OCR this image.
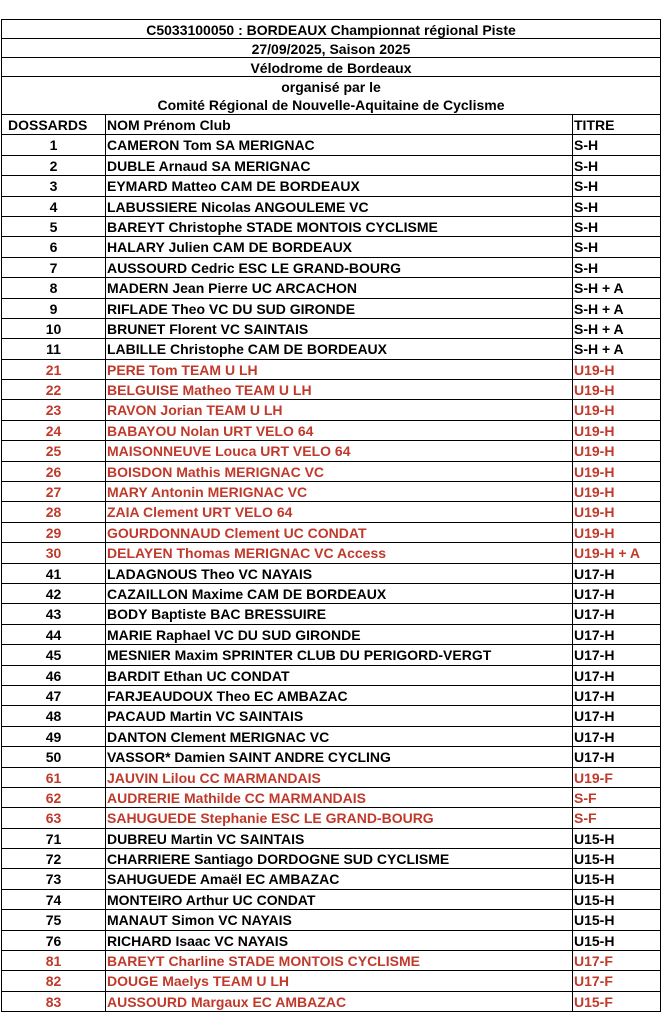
C5033100050 : BORDEAUX Championnat régional Piste
27/09/2025, Saison 2025
Vélodrome de Bordeaux
organisé par le
Comité Régional de Nouvelle-Aquitaine de Cyclisme
DOSSARDS NOM Prénom Club	TITRE
1	CAMERON Tom SA MERIGNAC	S-H
2	DUBLE Arnaud SA MERIGNAC	S-H
3	EYMARD Matteo CAM DE BORDEAUX	S-H
4	LABUSSIERE Nicolas ANGOULEME VC	S-H
5	BAREYT Christophe STADE MONTOIS CYCLISME	S-H
6	HALARY Julien CAM DE BORDEAUX	S-H
7	AUSSOURD Cedric ESC LE GRAND-BOURG	S-H
8	MADERN Jean Pierre UC ARCACHON	S-H + A
9	RIFLADE Theo VC DU SUD GIRONDE	S-H + A
10	BRUNET Florent VC SAINTAIS	S-H + A
11	LABILLE Christophe CAM DE BORDEAUX	S-H + A
21	PERE Tom TEAM U LH	U19-H
22	BELGUISE Matheo TEAM U LH	U19-H
23	RAVON Jorian TEAM U LH	U19-H
24	BABAYOU Nolan URT VELO 64	U19-H
25	MAISONNEUVE Louca URT VELO 64	U19-H
26	BOISDON Mathis MERIGNAC VC	U19-H
27	MARY Antonin MERIGNAC VC	U19-H
28	ZAIA Clement URT VELO 64	U19-H
29	GOURDONNAUD Clement UC CONDAT	U19-H
30	DELAYEN Thomas MERIGNAC VC Access	U19-H + A
41	LADAGNOUS Theo VC NAYAIS	U17-H
42	CAZAILLON Maxime CAM DE BORDEAUX	U17-H
43	BODY Baptiste BAC BRESSUIRE	U17-H
44	MARIE Raphael VC DU SUD GIRONDE	U17-H
45	MESNIER Maxim SPRINTER CLUB DU PERIGORD-VERGT	U17-H
46	BARDIT Ethan UC CONDAT	U17-H
47	FARJEAUDOUX Theo EC AMBAZAC	U17-H
48	PACAUD Martin VC SAINTAIS	U17-H
49	DANTON Clement MERIGNAC VC	U17-H
50	VASSOR* Damien SAINT ANDRE CYCLING	U17-H
61	JAUVIN Lilou CC MARMANDAIS	U19-F
62	AUDRERIE Mathilde CC MARMANDAIS	S-F
63	SAHUGUEDE Stephanie ESC LE GRAND-BOURG	S-F
71	DUBREU Martin VC SAINTAIS	U15-H
72	CHARRIERE Santiago DORDOGNE SUD CYCLISME	U15-H
73	SAHUGUEDE Amaël EC AMBAZAC	U15-H
74	MONTEIRO Arthur UC CONDAT	U15-H
75	MANAUT Simon VC NAYAIS	U15-H
76	RICHARD Isaac VC NAYAIS	U15-H
81	BAREYT Charline STADE MONTOIS CYCLISME	U17-F
82	DOUGE Maelys TEAM U LH	U17-F
83	AUSSOURD Margaux EC AMBAZAC	U15-F
